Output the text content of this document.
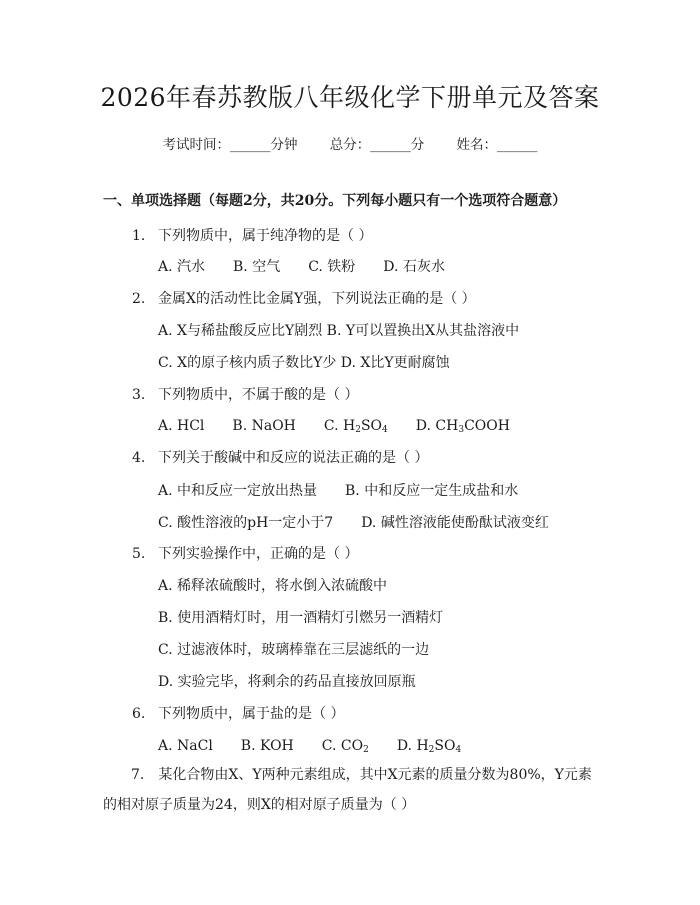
2026年春苏教版八年级化学下册单元及答案
考试时间：______分钟 总分：______分 姓名：______
一、单项选择题（每题2分，共20分。下列每小题只有一个选项符合题意）
1. 下列物质中，属于纯净物的是（ ）
A. 汽水　　B. 空气　　C. 铁粉　　D. 石灰水
2. 金属X的活动性比金属Y强，下列说法正确的是（ ）
A. X与稀盐酸反应比Y剧烈 B. Y可以置换出X从其盐溶液中
C. X的原子核内质子数比Y少 D. X比Y更耐腐蚀
3. 下列物质中，不属于酸的是（ ）
A. HCl　　 B. NaOH　　 C. $H_2SO_4$　　 D. $CH_3COOH$
4. 下列关于酸碱中和反应的说法正确的是（ ）
A. 中和反应一定放出热量　　B. 中和反应一定生成盐和水
C. 酸性溶液的pH一定小于7　　D. 碱性溶液能使酚酞试液变红
5. 下列实验操作中，正确的是（ ）
A. 稀释浓硫酸时，将水倒入浓硫酸中
B. 使用酒精灯时，用一酒精灯引燃另一酒精灯
C. 过滤液体时，玻璃棒靠在三层滤纸的一边
D. 实验完毕，将剩余的药品直接放回原瓶
6. 下列物质中，属于盐的是（ ）
A. NaCl　　 B. KOH　　 C. $CO_2$　　 D. $H_2SO_4$
7.　某化合物由X、Y两种元素组成，其中X元素的质量分数为80%，Y元素的相对原子质量为24，则X的相对原子质量为（ ）
